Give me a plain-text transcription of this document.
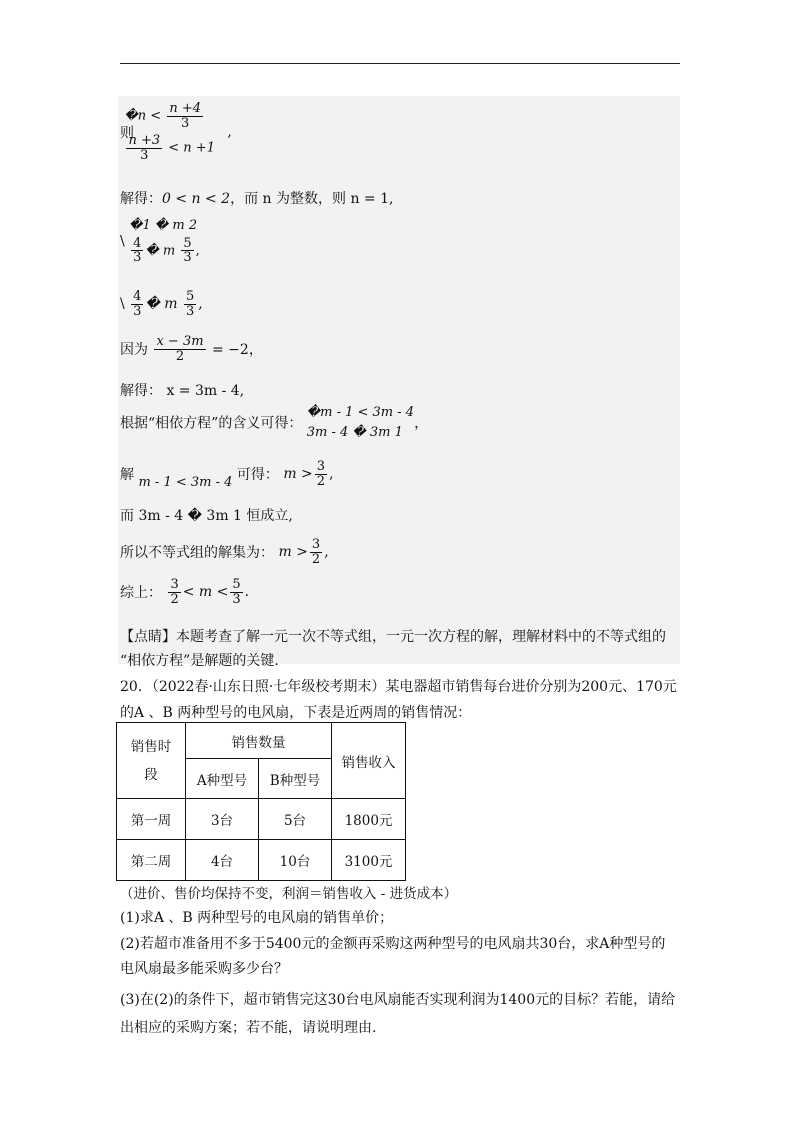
则
�n < $\frac{n +4}{3}$
$\frac{n +3}{3} < n +1$
,
解得：0 < n < 2，而 n 为整数，则 n = 1,
\
�1 � m 2
$\frac{4}{3}$ � m $\frac{5}{3}$ ,
\ $\frac{4}{3}$ � m $\frac{5}{3}$ ,
因为 $\frac{x - 3m}{2} = -2$，
解得： x = 3m - 4,
根据“相依方程”的含义可得：
�m - 1 < 3m - 4
3m - 4 � 3m 1
，
解 m - 1 < 3m - 4 可得： $m > \frac{3}{2}$ ,
而 3m - 4 � 3m 1 恒成立,
所以不等式组的解集为： $m > \frac{3}{2}$ ,
综上： $\frac{3}{2} < m < \frac{5}{3}$ .
【点睛】本题考查了解一元一次不等式组，一元一次方程的解，理解材料中的不等式组的
“相依方程”是解题的关键.
20．（2022春·山东日照·七年级校考期末）某电器超市销售每台进价分别为200元、170元
的A 、B 两种型号的电风扇，下表是近两周的销售情况：
销售时
段	销售数量		销售收入
	A种型号	B种型号	
第一周	3台	5台	1800元
第二周	4台	10台	3100元
（进价、售价均保持不变，利润＝销售收入 - 进货成本）
(1)求A 、B 两种型号的电风扇的销售单价；
(2)若超市准备用不多于5400元的金额再采购这两种型号的电风扇共30台，求A种型号的
电风扇最多能采购多少台？
(3)在(2)的条件下，超市销售完这30台电风扇能否实现利润为1400元的目标？若能，请给
出相应的采购方案；若不能，请说明理由.
